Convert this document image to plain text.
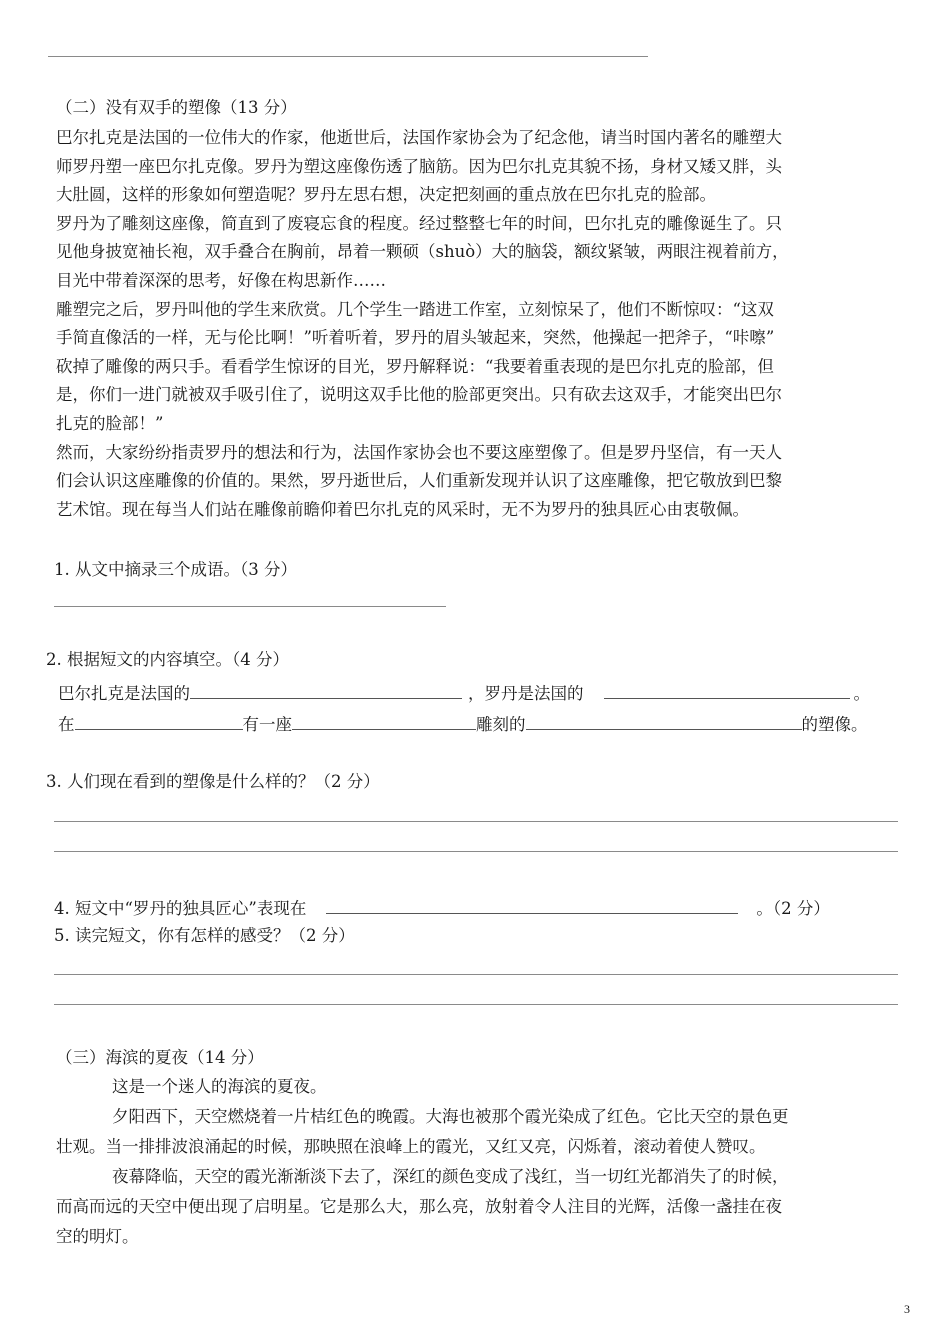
（二）没有双手的塑像（13 分）
巴尔扎克是法国的一位伟大的作家，他逝世后，法国作家协会为了纪念他，请当时国内著名的雕塑大
师罗丹塑一座巴尔扎克像。罗丹为塑这座像伤透了脑筋。因为巴尔扎克其貌不扬，身材又矮又胖，头
大肚圆，这样的形象如何塑造呢？罗丹左思右想，决定把刻画的重点放在巴尔扎克的脸部。
罗丹为了雕刻这座像，简直到了废寝忘食的程度。经过整整七年的时间，巴尔扎克的雕像诞生了。只
见他身披宽袖长袍，双手叠合在胸前，昂着一颗硕（shuò）大的脑袋，额纹紧皱，两眼注视着前方，
目光中带着深深的思考，好像在构思新作……
雕塑完之后，罗丹叫他的学生来欣赏。几个学生一踏进工作室，立刻惊呆了，他们不断惊叹：“这双
手简直像活的一样，无与伦比啊！”听着听着，罗丹的眉头皱起来，突然，他操起一把斧子，“咔嚓”
砍掉了雕像的两只手。看看学生惊讶的目光，罗丹解释说：“我要着重表现的是巴尔扎克的脸部，但
是，你们一进门就被双手吸引住了，说明这双手比他的脸部更突出。只有砍去这双手，才能突出巴尔
扎克的脸部！”
然而，大家纷纷指责罗丹的想法和行为，法国作家协会也不要这座塑像了。但是罗丹坚信，有一天人
们会认识这座雕像的价值的。果然，罗丹逝世后，人们重新发现并认识了这座雕像，把它敬放到巴黎
艺术馆。现在每当人们站在雕像前瞻仰着巴尔扎克的风采时，无不为罗丹的独具匠心由衷敬佩。
1. 从文中摘录三个成语。（3 分）
2. 根据短文的内容填空。（4 分）
巴尔扎克是法国的	，罗丹是法国的	。
在	有一座	雕刻的	的塑像。
3. 人们现在看到的塑像是什么样的？（2 分）
4. 短文中“罗丹的独具匠心”表现在	。（2 分）
5. 读完短文，你有怎样的感受？（2 分）
（三）海滨的夏夜（14 分）
这是一个迷人的海滨的夏夜。
夕阳西下，天空燃烧着一片桔红色的晚霞。大海也被那个霞光染成了红色。它比天空的景色更
壮观。当一排排波浪涌起的时候，那映照在浪峰上的霞光，又红又亮，闪烁着，滚动着使人赞叹。
夜幕降临，天空的霞光渐渐淡下去了，深红的颜色变成了浅红，当一切红光都消失了的时候，
而高而远的天空中便出现了启明星。它是那么大，那么亮，放射着令人注目的光辉，活像一盏挂在夜
空的明灯。
3
